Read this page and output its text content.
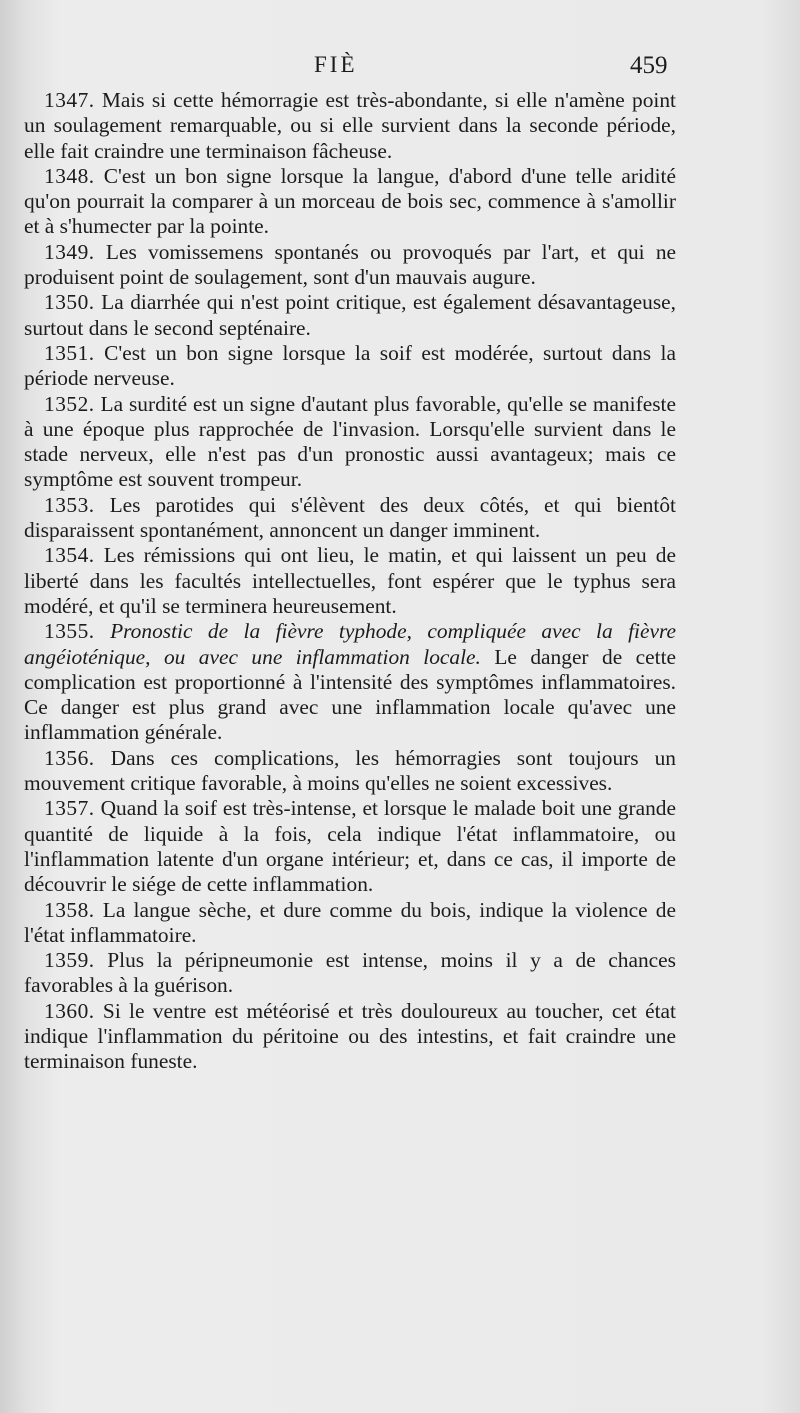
FIÈ	459

1347. Mais si cette hémorragie est très-abondante, si elle n'amène point un soulagement remarquable, ou si elle survient dans la seconde période, elle fait craindre une terminaison fâcheuse.

1348. C'est un bon signe lorsque la langue, d'abord d'une telle aridité qu'on pourrait la comparer à un morceau de bois sec, commence à s'amollir et à s'humecter par la pointe.

1349. Les vomissemens spontanés ou provoqués par l'art, et qui ne produisent point de soulagement, sont d'un mauvais augure.

1350. La diarrhée qui n'est point critique, est également désavantageuse, surtout dans le second septénaire.

1351. C'est un bon signe lorsque la soif est modérée, surtout dans la période nerveuse.

1352. La surdité est un signe d'autant plus favorable, qu'elle se manifeste à une époque plus rapprochée de l'invasion. Lorsqu'elle survient dans le stade nerveux, elle n'est pas d'un pronostic aussi avantageux; mais ce symptôme est souvent trompeur.

1353. Les parotides qui s'élèvent des deux côtés, et qui bientôt disparaissent spontanément, annoncent un danger imminent.

1354. Les rémissions qui ont lieu, le matin, et qui laissent un peu de liberté dans les facultés intellectuelles, font espérer que le typhus sera modéré, et qu'il se terminera heureusement.

1355. Pronostic de la fièvre typhode, compliquée avec la fièvre angéioténique, ou avec une inflammation locale. Le danger de cette complication est proportionné à l'intensité des symptômes inflammatoires. Ce danger est plus grand avec une inflammation locale qu'avec une inflammation générale.

1356. Dans ces complications, les hémorragies sont toujours un mouvement critique favorable, à moins qu'elles ne soient excessives.

1357. Quand la soif est très-intense, et lorsque le malade boit une grande quantité de liquide à la fois, cela indique l'état inflammatoire, ou l'inflammation latente d'un organe intérieur; et, dans ce cas, il importe de découvrir le siége de cette inflammation.

1358. La langue sèche, et dure comme du bois, indique la violence de l'état inflammatoire.

1359. Plus la péripneumonie est intense, moins il y a de chances favorables à la guérison.

1360. Si le ventre est météorisé et très douloureux au toucher, cet état indique l'inflammation du péritoine ou des intestins, et fait craindre une terminaison funeste.
